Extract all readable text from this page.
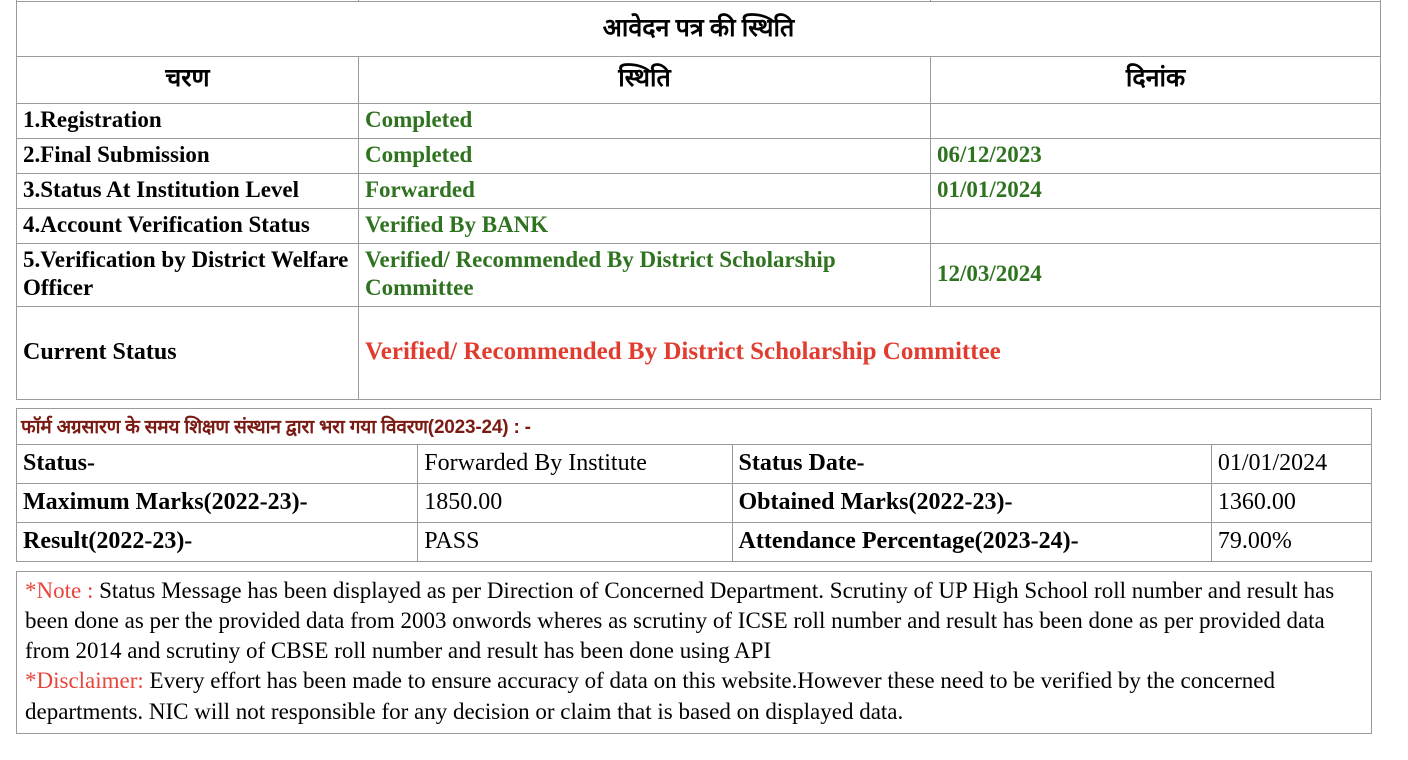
आवेदन पत्र की स्थिति		
चरण	स्थिति	दिनांक
1.Registration	Completed	
2.Final Submission	Completed	06/12/2023
3.Status At Institution Level	Forwarded	01/01/2024
4.Account Verification Status	Verified By BANK	
5.Verification by District Welfare Officer	Verified/ Recommended By District Scholarship Committee	12/03/2024
Current Status	Verified/ Recommended By District Scholarship Committee	
फॉर्म अग्रसारण के समय शिक्षण संस्थान द्वारा भरा गया विवरण(2023-24) : -
Status-	Forwarded By Institute	Status Date-	01/01/2024
Maximum Marks(2022-23)-	1850.00	Obtained Marks(2022-23)-	1360.00
Result(2022-23)-	PASS	Attendance Percentage(2023-24)-	79.00%

*Note : Status Message has been displayed as per Direction of Concerned Department. Scrutiny of UP High School roll number and result has been done as per the provided data from 2003 onwords wheres as scrutiny of ICSE roll number and result has been done as per provided data from 2014 and scrutiny of CBSE roll number and result has been done using API
*Disclaimer: Every effort has been made to ensure accuracy of data on this website.However these need to be verified by the concerned departments. NIC will not responsible for any decision or claim that is based on displayed data.
